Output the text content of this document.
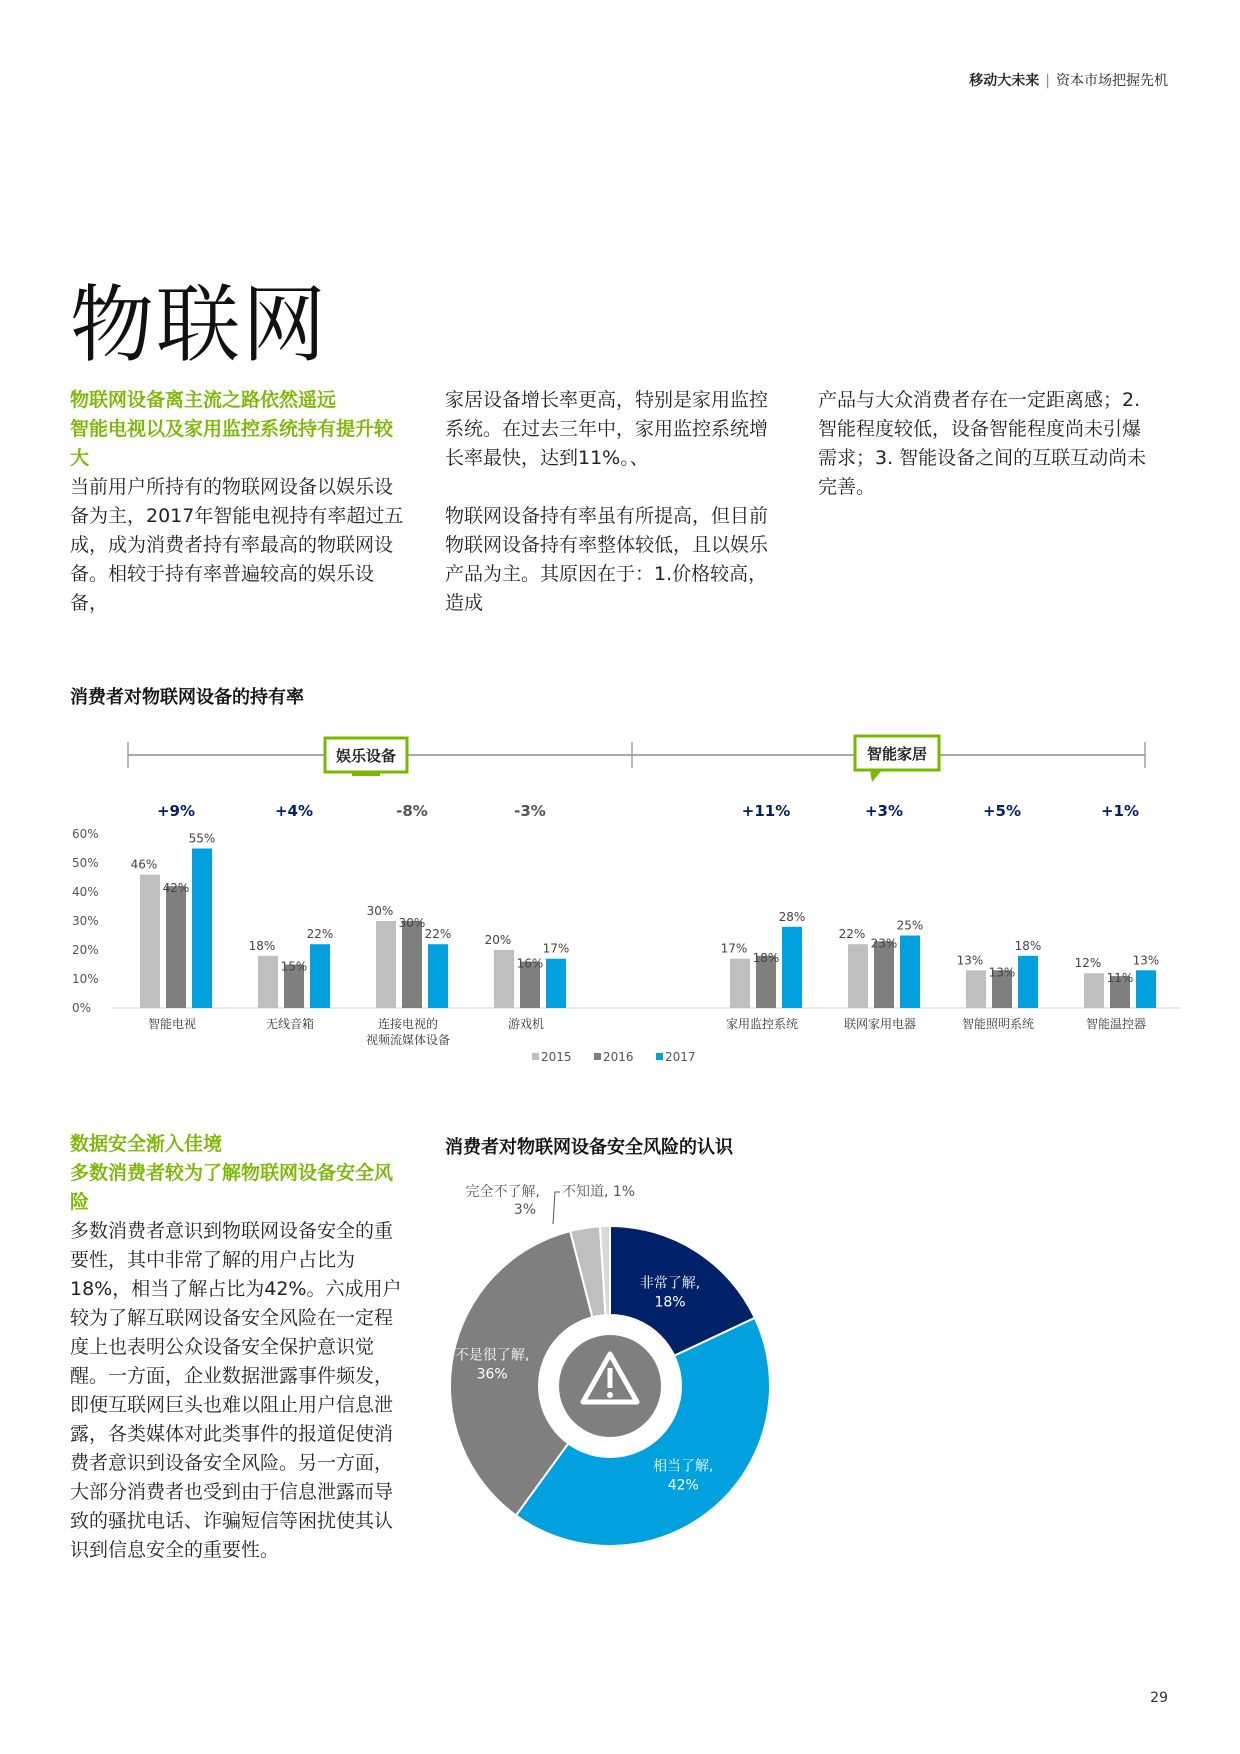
移动大未来 | 资本市场把握先机
物联网
物联网设备离主流之路依然遥远
智能电视以及家用监控系统持有提升较大

当前用户所持有的物联网设备以娱乐设备为主，2017年智能电视持有率超过五成，成为消费者持有率最高的物联网设备。相较于持有率普遍较高的娱乐设备，

家居设备增长率更高，特别是家用监控系统。在过去三年中，家用监控系统增长率最快，达到11%。、

物联网设备持有率虽有所提高，但目前物联网设备持有率整体较低，且以娱乐产品为主。其原因在于：1.价格较高，造成

产品与大众消费者存在一定距离感；2. 智能程度较低，设备智能程度尚未引爆需求；3. 智能设备之间的互联互动尚未完善。

消费者对物联网设备的持有率
娱乐设备	智能家居
+9%	+4%	-8%	-3%	+11%	+3%	+5%	+1%
0%
10%
20%
30%
40%
50%
60%
46%
42%
55%
18%
15%
22%
30%
30%
22%	20%
16%
17%	17%
18%
28%
22%
23%
25%
13%
13%
18%
12%
11%
13%
智能电视	无线音箱	连接电视的
视频流媒体设备
游戏机	家用监控系统	联网家用电器	智能照明系统	智能温控器
2015	2016	2017
数据安全渐入佳境
多数消费者较为了解物联网设备安全风险

多数消费者意识到物联网设备安全的重要性，其中非常了解的用户占比为18%，相当了解占比为42%。六成用户较为了解互联网设备安全风险在一定程度上也表明公众设备安全保护意识觉醒。一方面，企业数据泄露事件频发，即便互联网巨头也难以阻止用户信息泄露，各类媒体对此类事件的报道促使消费者意识到设备安全风险。另一方面，大部分消费者也受到由于信息泄露而导致的骚扰电话、诈骗短信等困扰使其认识到信息安全的重要性。

消费者对物联网设备安全风险的认识
非常了解,
18%
相当了解,
42%
不是很了解,
36%
完全不了解,
3%
不知道, 1%
29
